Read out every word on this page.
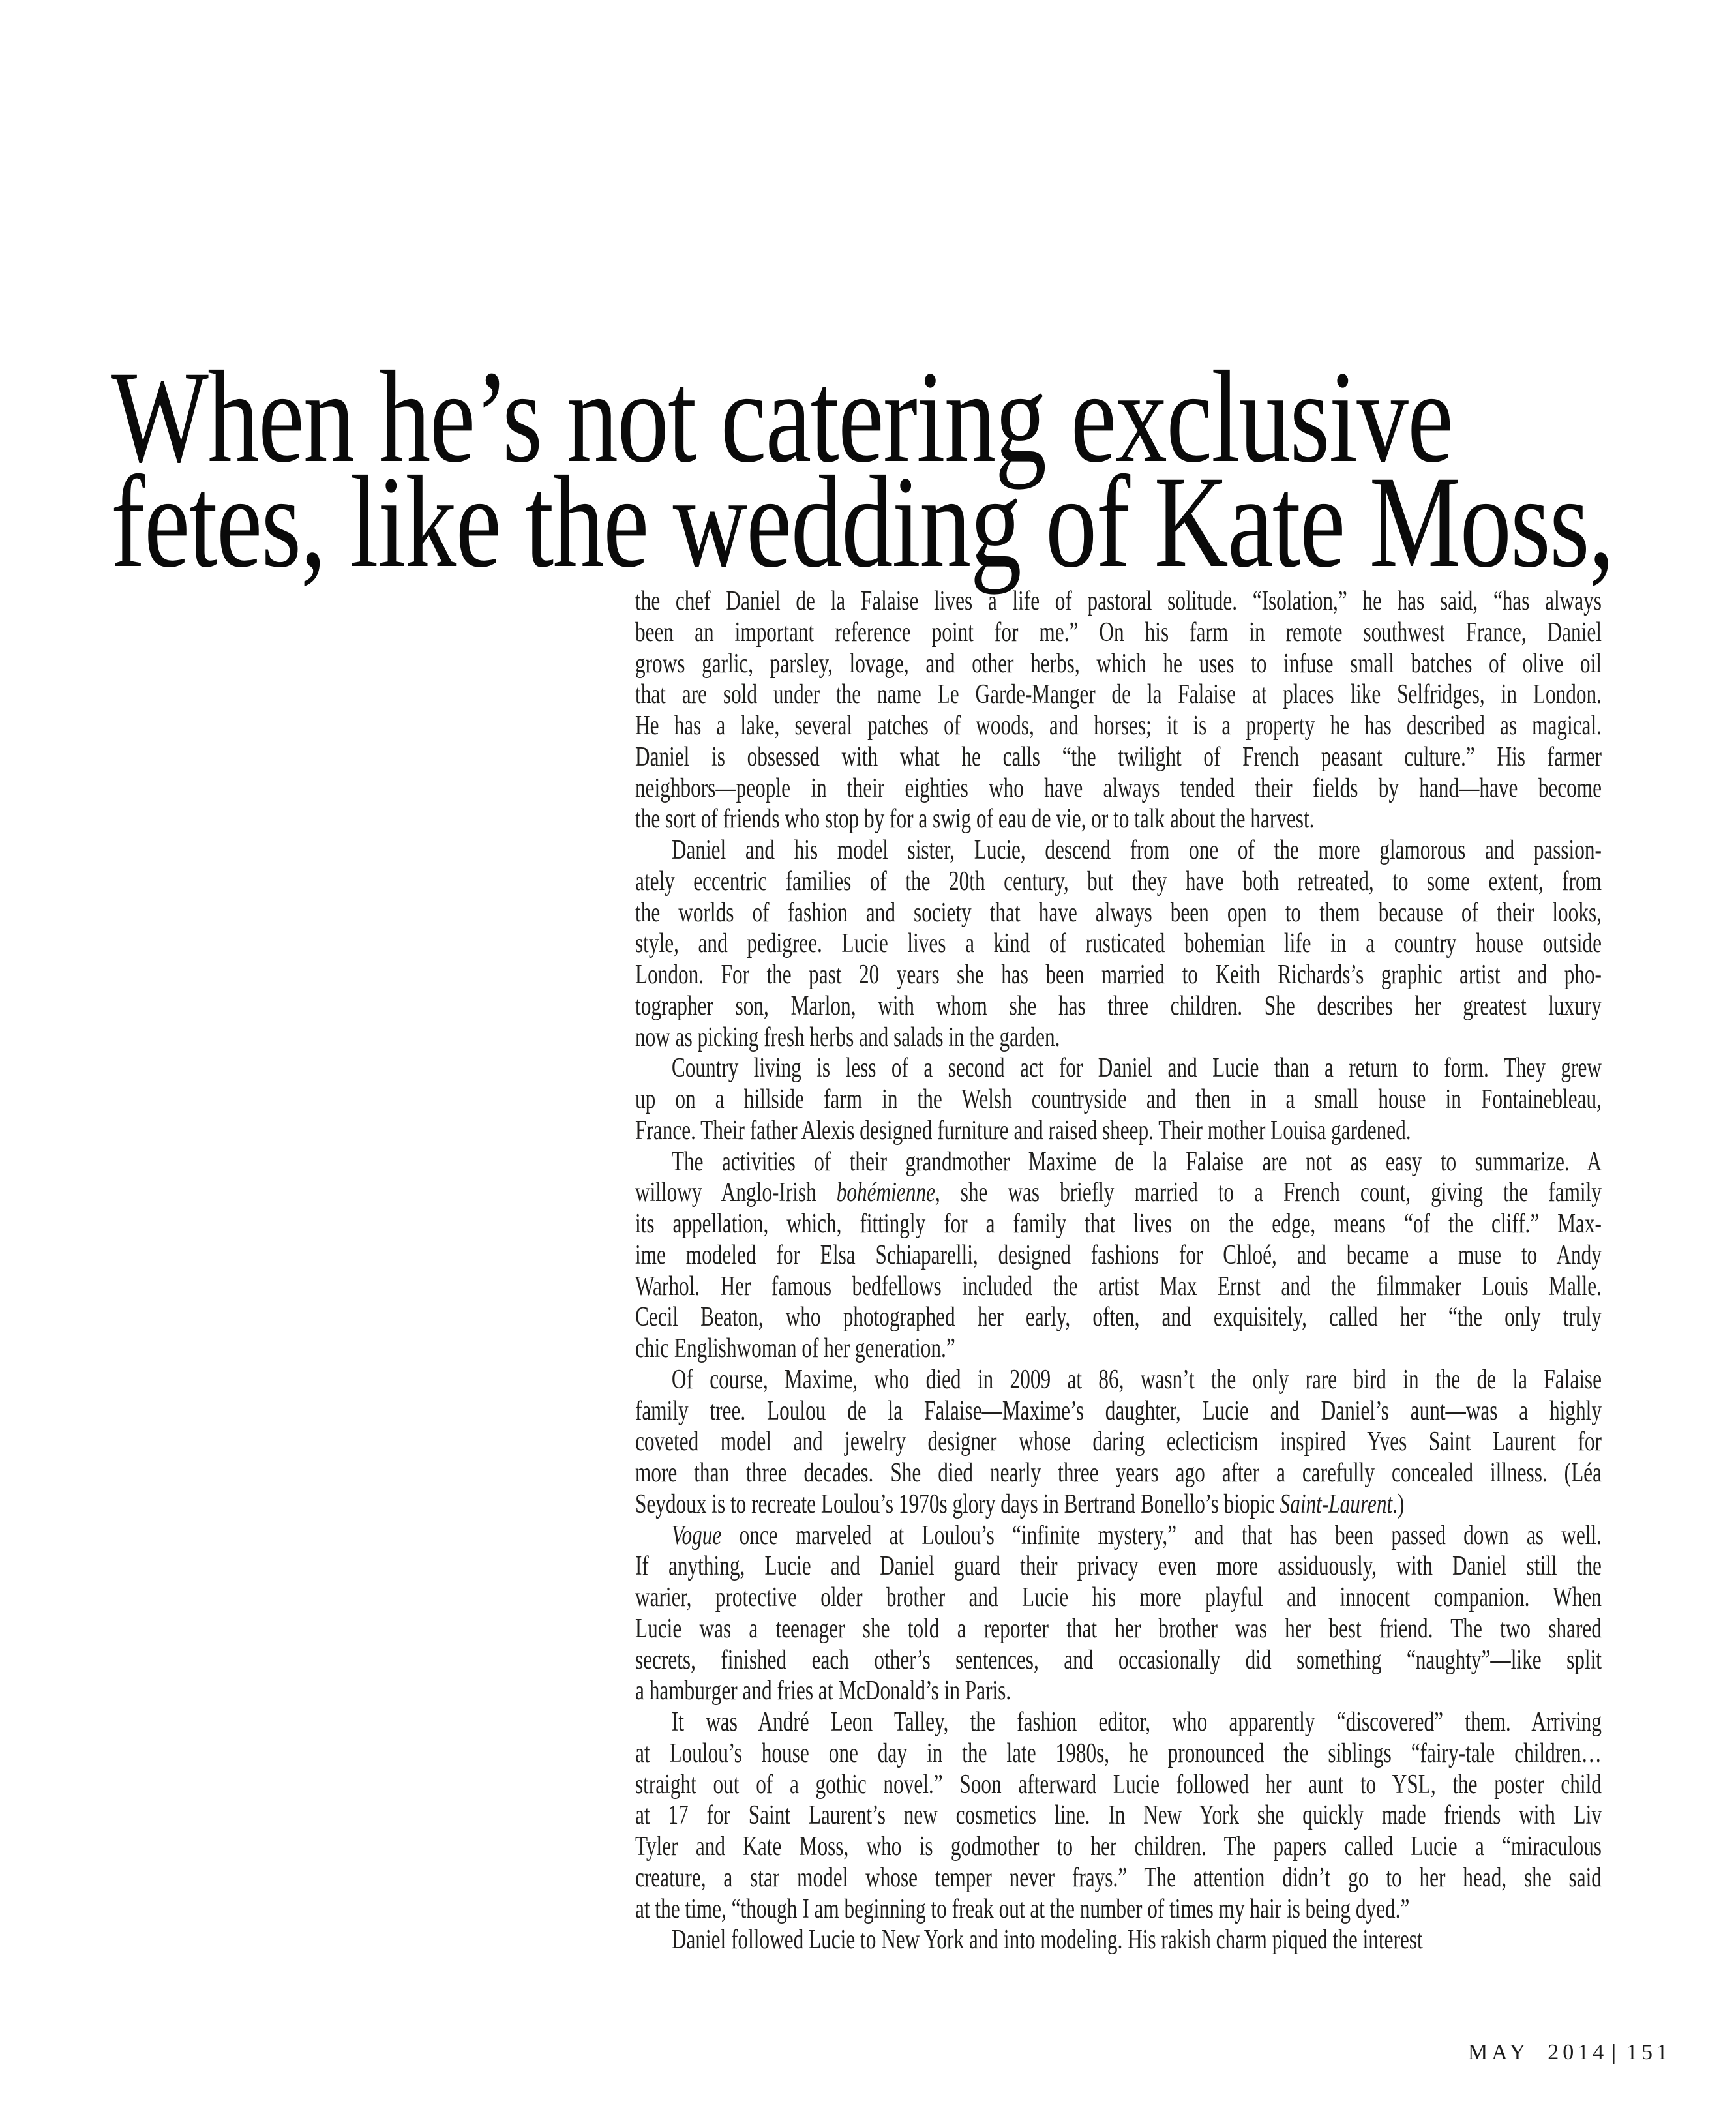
When he’s not catering exclusive
fetes, like the wedding of Kate Moss,
the chef Daniel de la Falaise lives a life of pastoral solitude. “Isolation,” he has said, “has always
been an important reference point for me.” On his farm in remote southwest France, Daniel
grows garlic, parsley, lovage, and other herbs, which he uses to infuse small batches of olive oil
that are sold under the name Le Garde-Manger de la Falaise at places like Selfridges, in London.
He has a lake, several patches of woods, and horses; it is a property he has described as magical.
Daniel is obsessed with what he calls “the twilight of French peasant culture.” His farmer
neighbors—people in their eighties who have always tended their fields by hand—have become
the sort of friends who stop by for a swig of eau de vie, or to talk about the harvest.
Daniel and his model sister, Lucie, descend from one of the more glamorous and passion-
ately eccentric families of the 20th century, but they have both retreated, to some extent, from
the worlds of fashion and society that have always been open to them because of their looks,
style, and pedigree. Lucie lives a kind of rusticated bohemian life in a country house outside
London. For the past 20 years she has been married to Keith Richards’s graphic artist and pho-
tographer son, Marlon, with whom she has three children. She describes her greatest luxury
now as picking fresh herbs and salads in the garden.
Country living is less of a second act for Daniel and Lucie than a return to form. They grew
up on a hillside farm in the Welsh countryside and then in a small house in Fontainebleau,
France. Their father Alexis designed furniture and raised sheep. Their mother Louisa gardened.
The activities of their grandmother Maxime de la Falaise are not as easy to summarize. A
willowy Anglo-Irish bohémienne, she was briefly married to a French count, giving the family
its appellation, which, fittingly for a family that lives on the edge, means “of the cliff.” Max-
ime modeled for Elsa Schiaparelli, designed fashions for Chloé, and became a muse to Andy
Warhol. Her famous bedfellows included the artist Max Ernst and the filmmaker Louis Malle.
Cecil Beaton, who photographed her early, often, and exquisitely, called her “the only truly
chic Englishwoman of her generation.”
Of course, Maxime, who died in 2009 at 86, wasn’t the only rare bird in the de la Falaise
family tree. Loulou de la Falaise—Maxime’s daughter, Lucie and Daniel’s aunt—was a highly
coveted model and jewelry designer whose daring eclecticism inspired Yves Saint Laurent for
more than three decades. She died nearly three years ago after a carefully concealed illness. (Léa
Seydoux is to recreate Loulou’s 1970s glory days in Bertrand Bonello’s biopic Saint-Laurent.)
Vogue once marveled at Loulou’s “infinite mystery,” and that has been passed down as well.
If anything, Lucie and Daniel guard their privacy even more assiduously, with Daniel still the
warier, protective older brother and Lucie his more playful and innocent companion. When
Lucie was a teenager she told a reporter that her brother was her best friend. The two shared
secrets, finished each other’s sentences, and occasionally did something “naughty”—like split
a hamburger and fries at McDonald’s in Paris.
It was André Leon Talley, the fashion editor, who apparently “discovered” them. Arriving
at Loulou’s house one day in the late 1980s, he pronounced the siblings “fairy-tale children…
straight out of a gothic novel.” Soon afterward Lucie followed her aunt to YSL, the poster child
at 17 for Saint Laurent’s new cosmetics line. In New York she quickly made friends with Liv
Tyler and Kate Moss, who is godmother to her children. The papers called Lucie a “miraculous
creature, a star model whose temper never frays.” The attention didn’t go to her head, she said
at the time, “though I am beginning to freak out at the number of times my hair is being dyed.”
Daniel followed Lucie to New York and into modeling. His rakish charm piqued the interest
MAY 2014 | 151
